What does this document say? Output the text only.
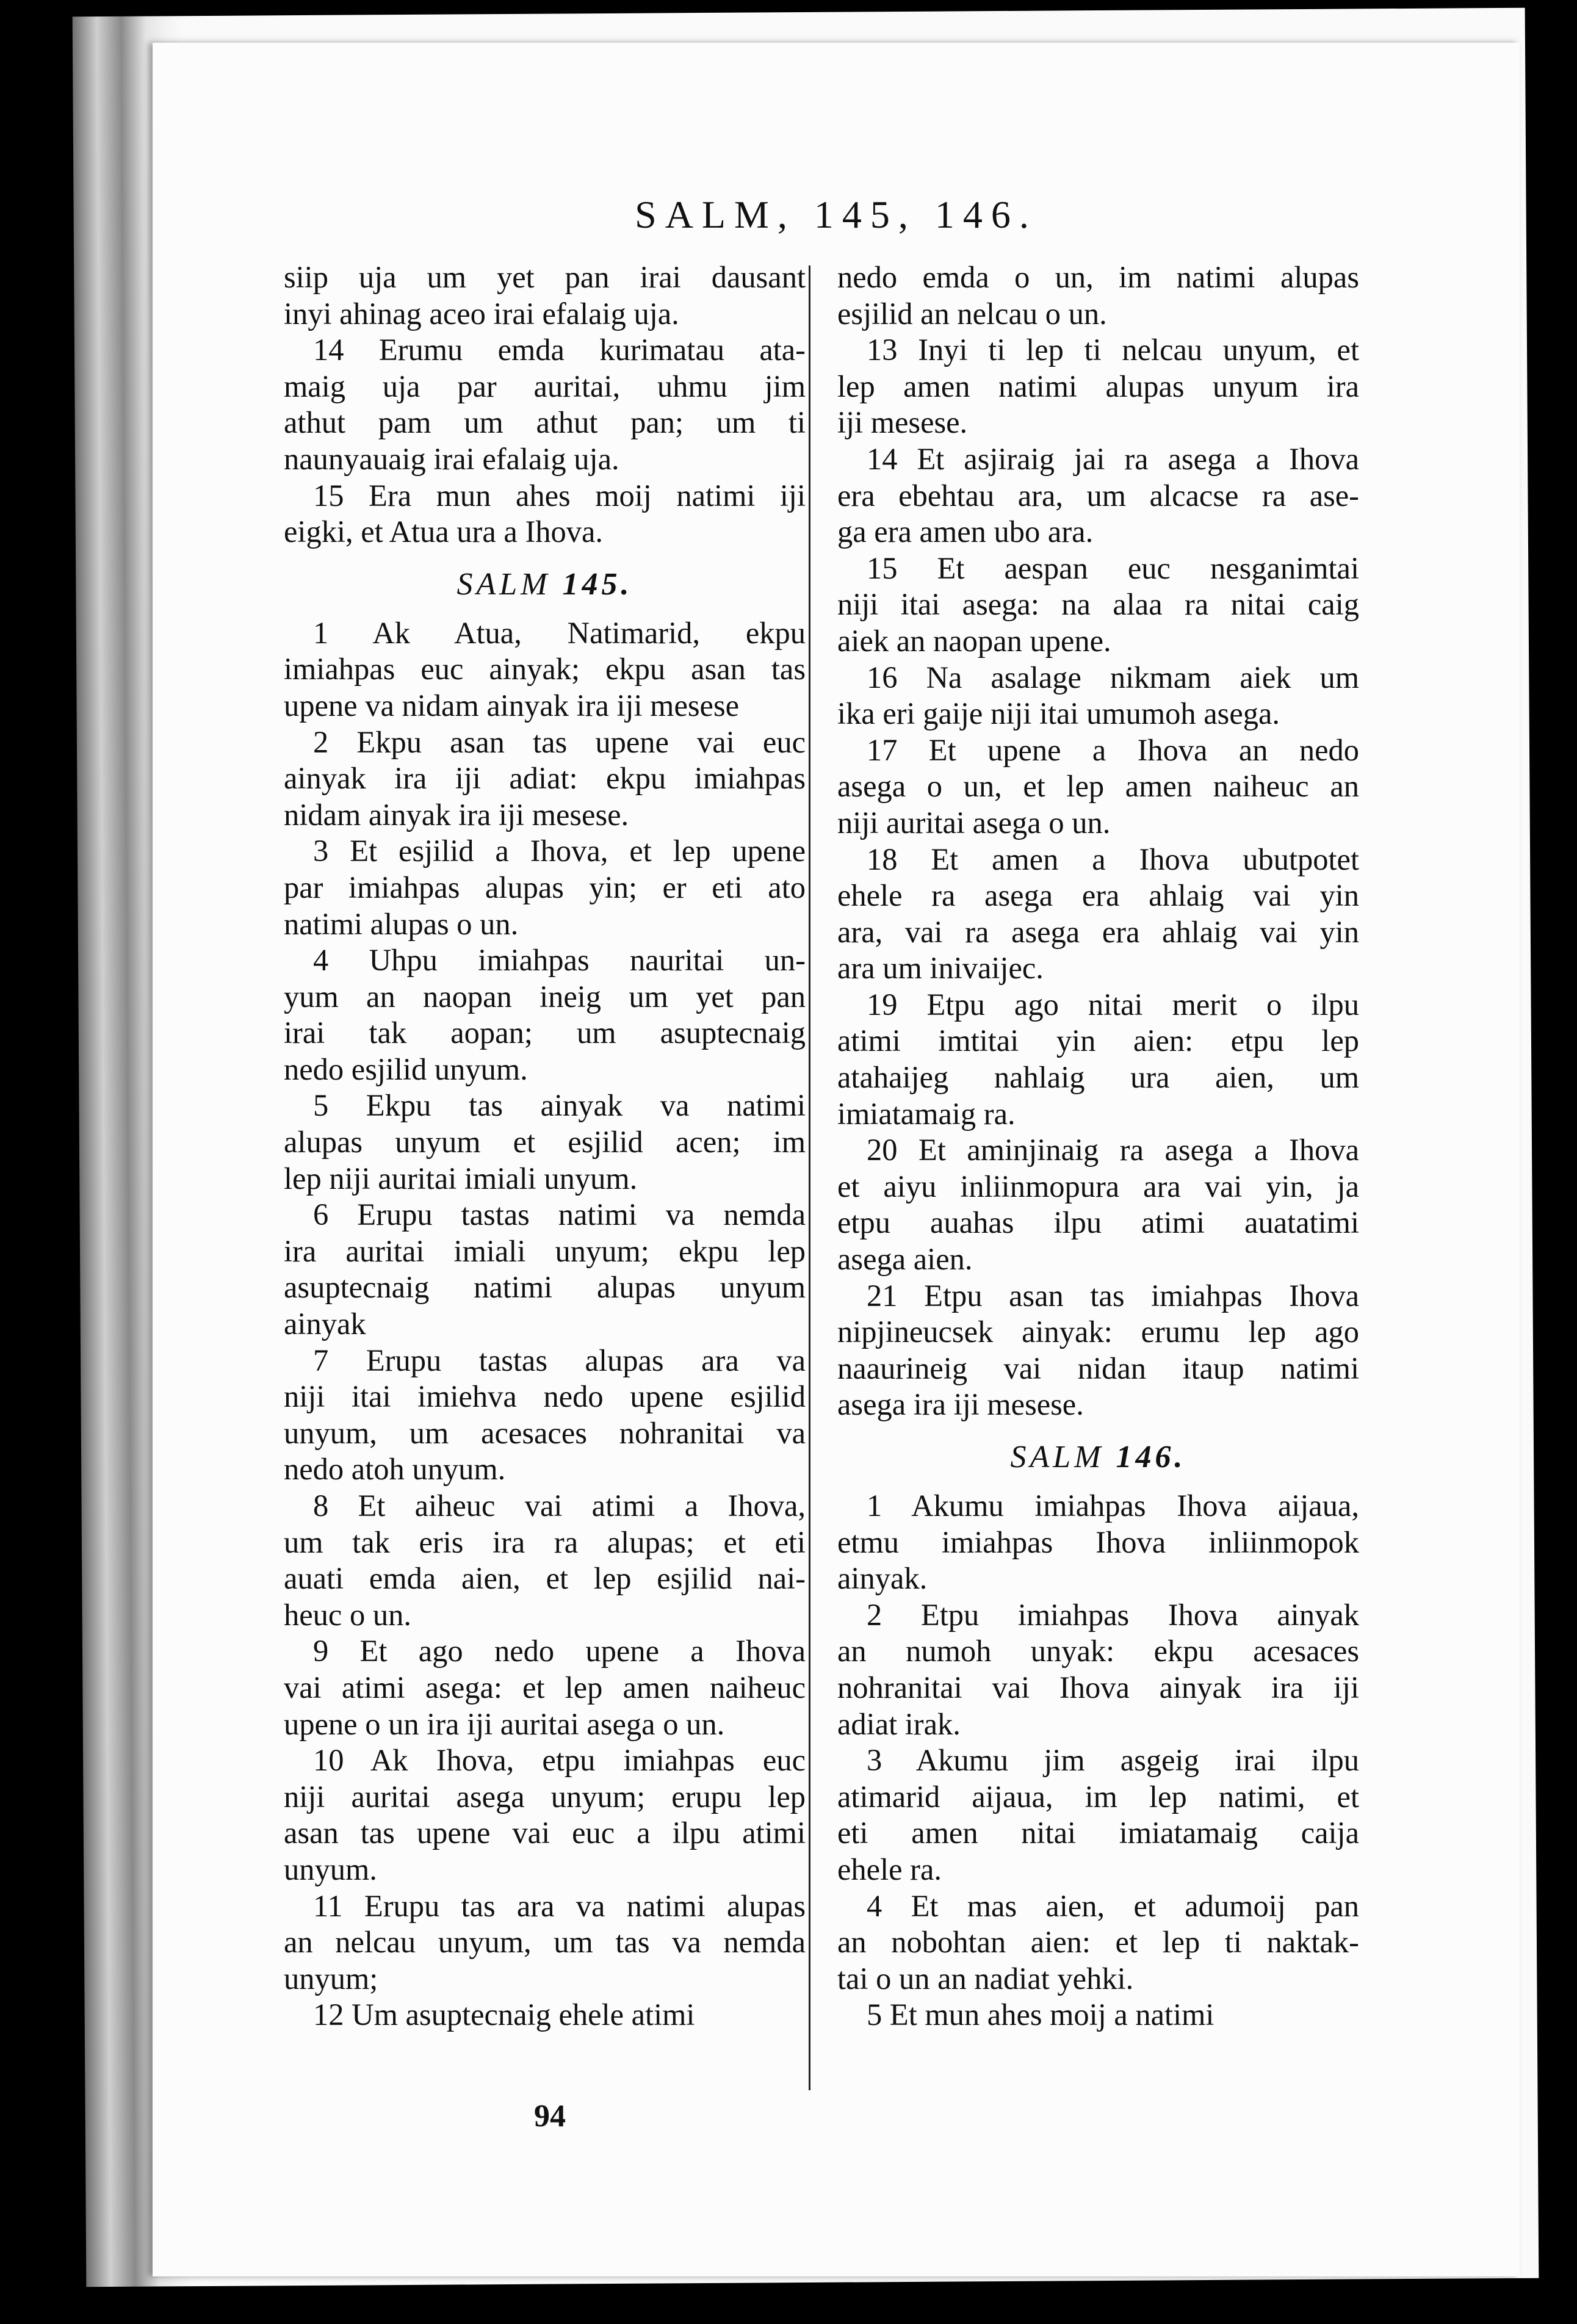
SALM, 145, 146.
siip uja um yet pan irai dausant
inyi ahinag aceo irai efalaig uja.
14 Erumu emda kurimatau ata-
maig uja par auritai, uhmu jim
athut pam um athut pan; um ti
naunyauaig irai efalaig uja.
15 Era mun ahes moij natimi iji
eigki, et Atua ura a Ihova.
SALM 145.
1 Ak Atua, Natimarid, ekpu
imiahpas euc ainyak; ekpu asan tas
upene va nidam ainyak ira iji mesese
2 Ekpu asan tas upene vai euc
ainyak ira iji adiat: ekpu imiahpas
nidam ainyak ira iji mesese.
3 Et esjilid a Ihova, et lep upene
par imiahpas alupas yin; er eti ato
natimi alupas o un.
4 Uhpu imiahpas nauritai un-
yum an naopan ineig um yet pan
irai tak aopan; um asuptecnaig
nedo esjilid unyum.
5 Ekpu tas ainyak va natimi
alupas unyum et esjilid acen; im
lep niji auritai imiali unyum.
6 Erupu tastas natimi va nemda
ira auritai imiali unyum; ekpu lep
asuptecnaig natimi alupas unyum
ainyak
7 Erupu tastas alupas ara va
niji itai imiehva nedo upene esjilid
unyum, um acesaces nohranitai va
nedo atoh unyum.
8 Et aiheuc vai atimi a Ihova,
um tak eris ira ra alupas; et eti
auati emda aien, et lep esjilid nai-
heuc o un.
9 Et ago nedo upene a Ihova
vai atimi asega: et lep amen naiheuc
upene o un ira iji auritai asega o un.
10 Ak Ihova, etpu imiahpas euc
niji auritai asega unyum; erupu lep
asan tas upene vai euc a ilpu atimi
unyum.
11 Erupu tas ara va natimi alupas
an nelcau unyum, um tas va nemda
unyum;
12 Um asuptecnaig ehele atimi
nedo emda o un, im natimi alupas
esjilid an nelcau o un.
13 Inyi ti lep ti nelcau unyum, et
lep amen natimi alupas unyum ira
iji mesese.
14 Et asjiraig jai ra asega a Ihova
era ebehtau ara, um alcacse ra ase-
ga era amen ubo ara.
15 Et aespan euc nesganimtai
niji itai asega: na alaa ra nitai caig
aiek an naopan upene.
16 Na asalage nikmam aiek um
ika eri gaije niji itai umumoh asega.
17 Et upene a Ihova an nedo
asega o un, et lep amen naiheuc an
niji auritai asega o un.
18 Et amen a Ihova ubutpotet
ehele ra asega era ahlaig vai yin
ara, vai ra asega era ahlaig vai yin
ara um inivaijec.
19 Etpu ago nitai merit o ilpu
atimi imtitai yin aien: etpu lep
atahaijeg nahlaig ura aien, um
imiatamaig ra.
20 Et aminjinaig ra asega a Ihova
et aiyu inliinmopura ara vai yin, ja
etpu auahas ilpu atimi auatatimi
asega aien.
21 Etpu asan tas imiahpas Ihova
nipjineucsek ainyak: erumu lep ago
naaurineig vai nidan itaup natimi
asega ira iji mesese.
SALM 146.
1 Akumu imiahpas Ihova aijaua,
etmu imiahpas Ihova inliinmopok
ainyak.
2 Etpu imiahpas Ihova ainyak
an numoh unyak: ekpu acesaces
nohranitai vai Ihova ainyak ira iji
adiat irak.
3 Akumu jim asgeig irai ilpu
atimarid aijaua, im lep natimi, et
eti amen nitai imiatamaig caija
ehele ra.
4 Et mas aien, et adumoij pan
an nobohtan aien: et lep ti naktak-
tai o un an nadiat yehki.
5 Et mun ahes moij a natimi
94
